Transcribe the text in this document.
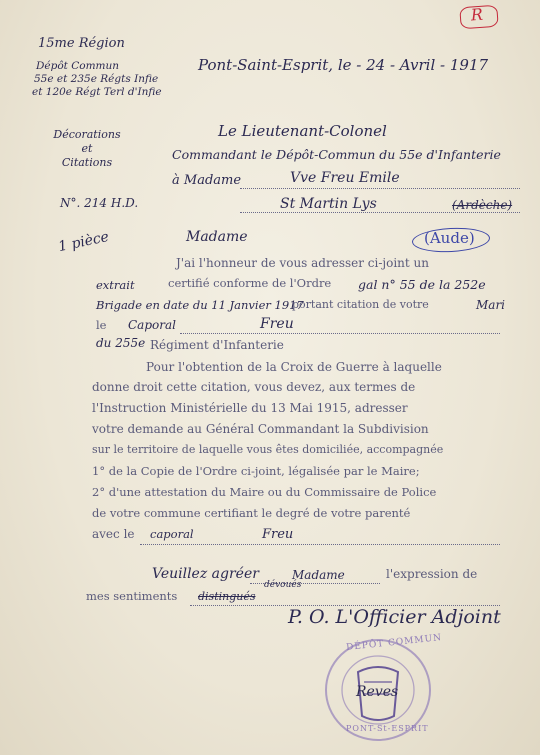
R
15me Région
Dépôt Commun
55e et 235e Régts Infie
et 120e Régt Terl d'Infie
Décorations
et
Citations
N°. 214 H.D.
1 pièce
Pont-Saint-Esprit, le - 24 - Avril - 1917
Le Lieutenant-Colonel
Commandant le Dépôt-Commun du 55e d'Infanterie
à Madame	Vve Freu Emile
St Martin Lys	(Ardèche)
(Aude)
Madame
J'ai l'honneur de vous adresser ci-joint un
extrait	certifié conforme de l'Ordre gal n° 55 de la 252e
Brigade en date du 11 Janvier 1917
portant citation de votre	Mari
le Caporal	Freu
du 255e Régiment d'Infanterie
Pour l'obtention de la Croix de Guerre à laquelle
donne droit cette citation, vous devez, aux termes de
l'Instruction Ministérielle du 13 Mai 1915, adresser
votre demande au Général Commandant la Subdivision
sur le territoire de laquelle vous êtes domiciliée, accompagnée
1° de la Copie de l'Ordre ci-joint, légalisée par le Maire;
2° d'une attestation du Maire ou du Commissaire de Police
de votre commune certifiant le degré de votre parenté
avec le caporal	Freu
Veuillez agréer	Madame	l'expression de
mes sentiments distingués
dévoués
P. O. L'Officier Adjoint
DÉPÔT COMMUN
PONT-St-ESPRIT
Reves
